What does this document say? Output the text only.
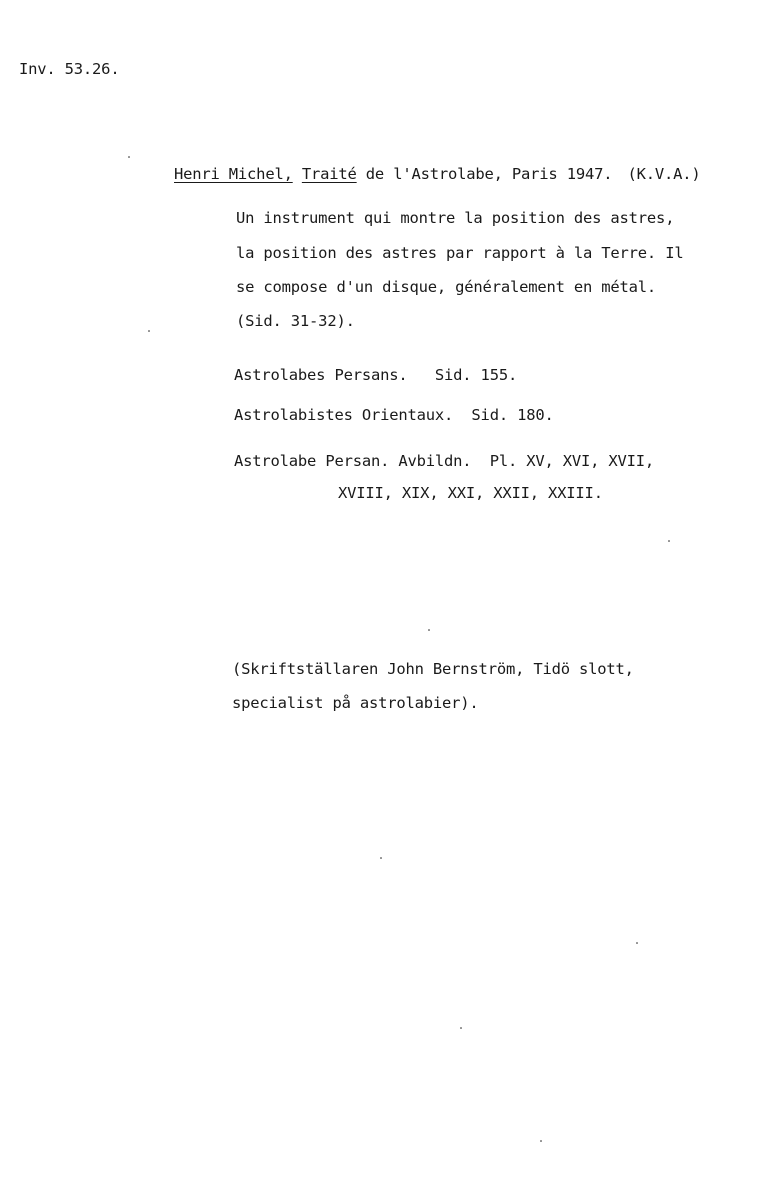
Inv. 53.26.
Henri Michel, Traité de l'Astrolabe, Paris 1947. (K.V.A.)
Un instrument qui montre la position des astres,
la position des astres par rapport à la Terre. Il
se compose d'un disque, généralement en métal.
(Sid. 31-32).
Astrolabes Persans.   Sid. 155.
Astrolabistes Orientaux.  Sid. 180.
Astrolabe Persan. Avbildn.  Pl. XV, XVI, XVII,
XVIII, XIX, XXI, XXII, XXIII.
(Skriftställaren John Bernström, Tidö slott,
specialist på astrolabier).
